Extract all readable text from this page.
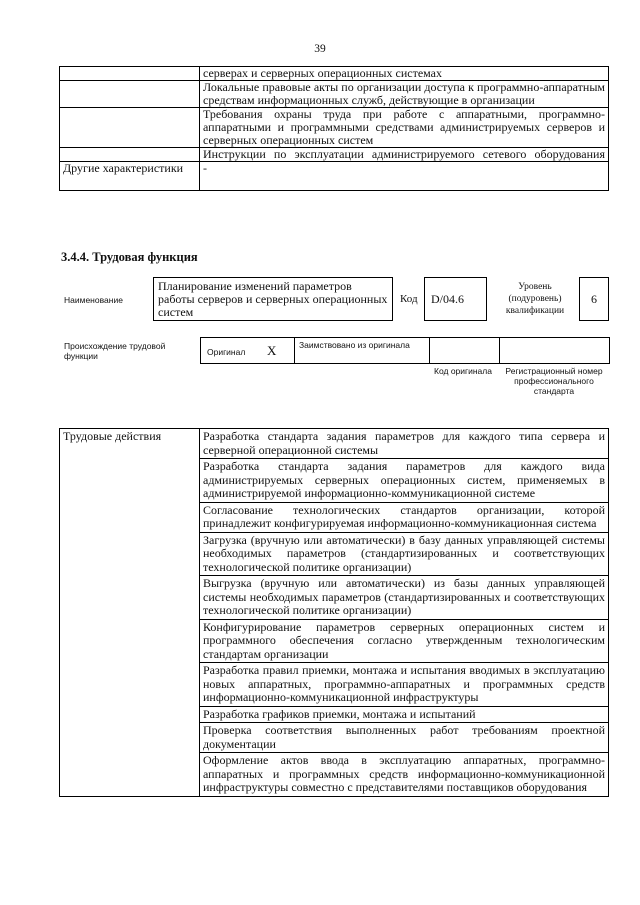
39
	серверах и серверных операционных системах
	Локальные правовые акты по организации доступа к программно-аппаратным средствам информационных служб, действующие в организации
	Требования охраны труда при работе с аппаратными, программно-аппаратными и программными средствами администрируемых серверов и серверных операционных систем
	Инструкции по эксплуатации администрируемого сетевого оборудования
Другие характеристики	-
3.4.4. Трудовая функция
Наименование
Планирование изменений параметров работы серверов и серверных операционных систем
Код	D/04.6
Уровень (подуровень) квалификации
6
Происхождение трудовой функции	Оригинал X	Заимствовано из оригинала
Код оригинала	Регистрационный номер профессионального стандарта
Трудовые действия	Разработка стандарта задания параметров для каждого типа сервера и серверной операционной системы
Разработка стандарта задания параметров для каждого вида администрируемых серверных операционных систем, применяемых в администрируемой информационно-коммуникационной системе
Согласование технологических стандартов организации, которой принадлежит конфигурируемая информационно-коммуникационная система
Загрузка (вручную или автоматически) в базу данных управляющей системы необходимых параметров (стандартизированных и соответствующих технологической политике организации)
Выгрузка (вручную или автоматически) из базы данных управляющей системы необходимых параметров (стандартизированных и соответствующих технологической политике организации)
Конфигурирование параметров серверных операционных систем и программного обеспечения согласно утвержденным технологическим стандартам организации
Разработка правил приемки, монтажа и испытания вводимых в эксплуатацию новых аппаратных, программно-аппаратных и программных средств информационно-коммуникационной инфраструктуры
Разработка графиков приемки, монтажа и испытаний
Проверка соответствия выполненных работ требованиям проектной документации
Оформление актов ввода в эксплуатацию аппаратных, программно-аппаратных и программных средств информационно-коммуникационной инфраструктуры совместно с представителями поставщиков оборудования
